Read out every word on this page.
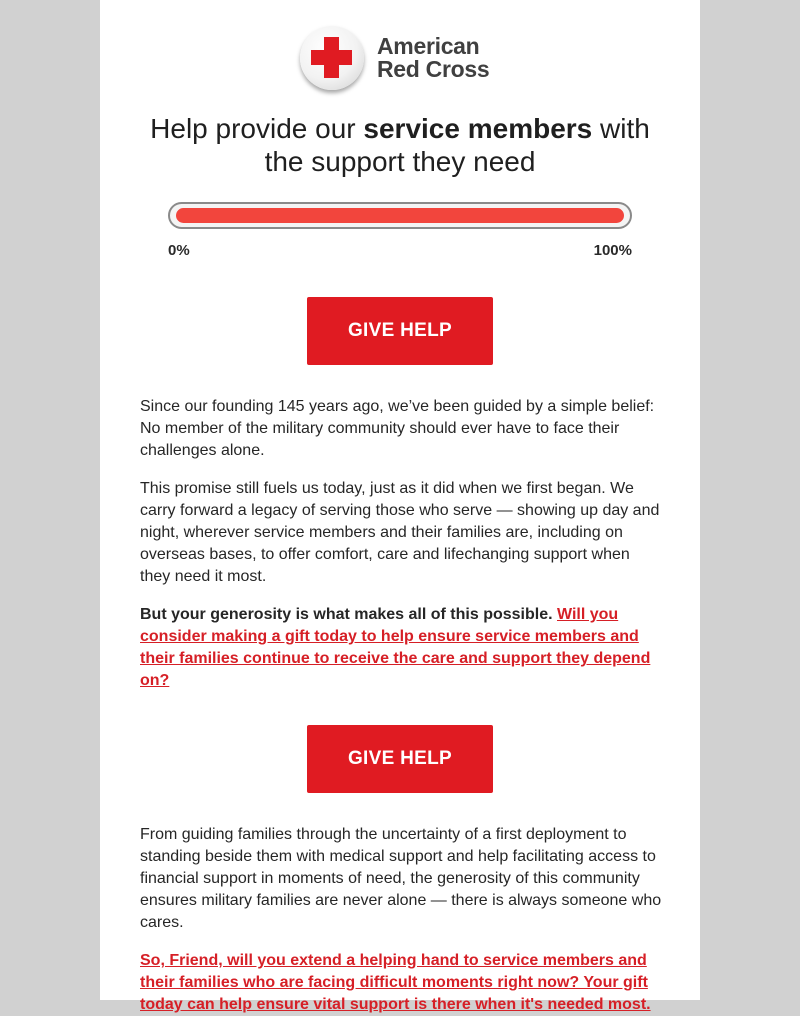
American
Red Cross
Help provide our service members with the support they need
0%	100%
GIVE HELP

Since our founding 145 years ago, we’ve been guided by a simple belief: No member of the military community should ever have to face their challenges alone.

This promise still fuels us today, just as it did when we first began. We carry forward a legacy of serving those who serve — showing up day and night, wherever service members and their families are, including on overseas bases, to offer comfort, care and lifechanging support when they need it most.

But your generosity is what makes all of this possible. Will you consider making a gift today to help ensure service members and their families continue to receive the care and support they depend on?

GIVE HELP

From guiding families through the uncertainty of a first deployment to standing beside them with medical support and help facilitating access to financial support in moments of need, the generosity of this community ensures military families are never alone — there is always someone who cares.

So, Friend, will you extend a helping hand to service members and their families who are facing difficult moments right now? Your gift today can help ensure vital support is there when it's needed most.
